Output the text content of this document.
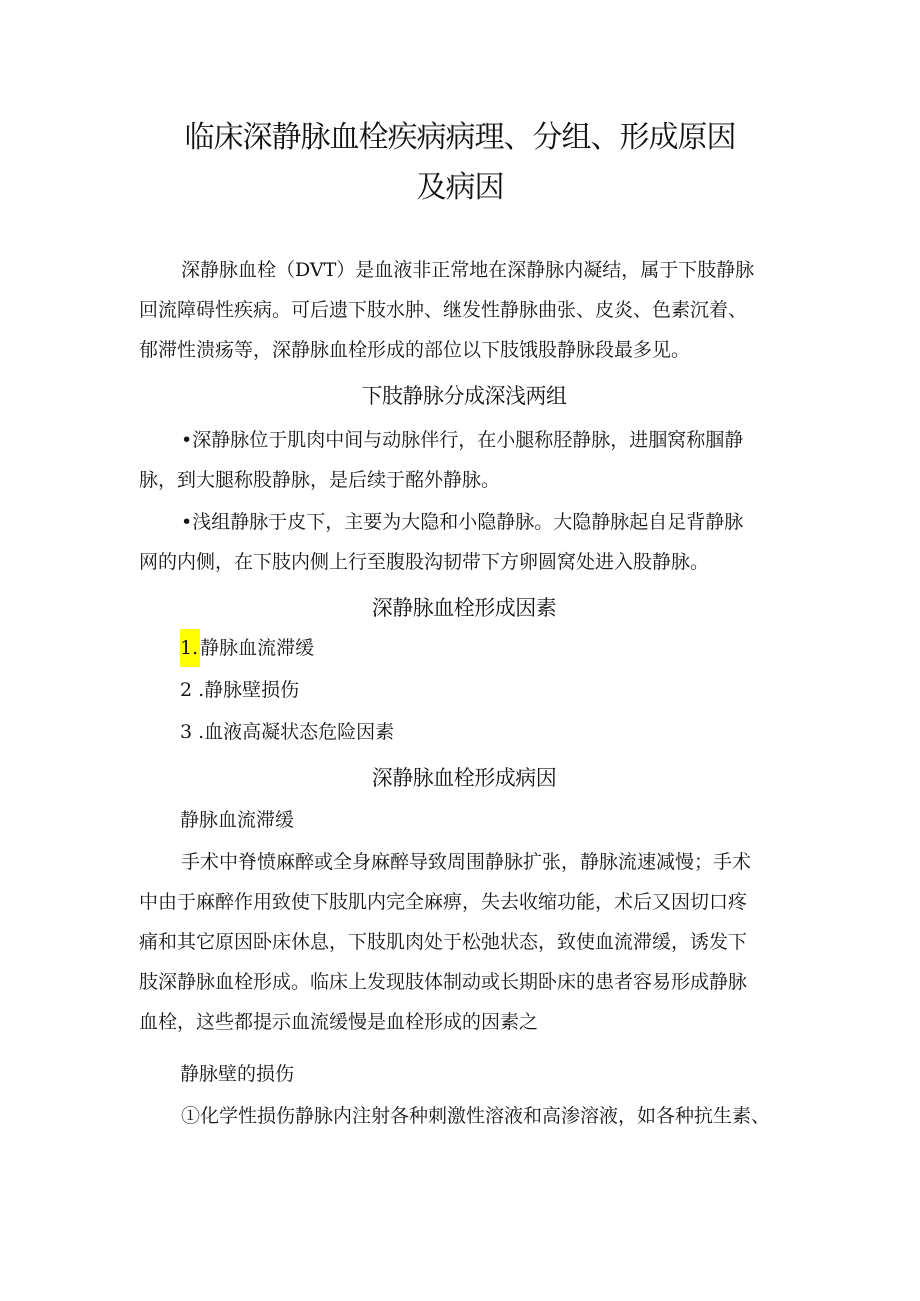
临床深静脉血栓疾病病理、分组、形成原因
及病因
深静脉血栓（DVT）是血液非正常地在深静脉内凝结，属于下肢静脉
回流障碍性疾病。可后遗下肢水肿、继发性静脉曲张、皮炎、色素沉着、
郁滞性溃疡等，深静脉血栓形成的部位以下肢饿股静脉段最多见。
下肢静脉分成深浅两组
•深静脉位于肌肉中间与动脉伴行，在小腿称胫静脉，进腘窝称腘静
脉，到大腿称股静脉，是后续于酩外静脉。
•浅组静脉于皮下，主要为大隐和小隐静脉。大隐静脉起自足背静脉
网的内侧，在下肢内侧上行至腹股沟韧带下方卵圆窝处进入股静脉。
深静脉血栓形成因素
1. 静脉血流滞缓
2 .静脉壁损伤
3 .血液高凝状态危险因素
深静脉血栓形成病因
静脉血流滞缓
手术中脊愤麻醉或全身麻醉导致周围静脉扩张，静脉流速减慢；手术
中由于麻醉作用致使下肢肌内完全麻痹，失去收缩功能，术后又因切口疼
痛和其它原因卧床休息，下肢肌肉处于松弛状态，致使血流滞缓，诱发下
肢深静脉血栓形成。临床上发现肢体制动或长期卧床的患者容易形成静脉
血栓，这些都提示血流缓慢是血栓形成的因素之
静脉壁的损伤
①化学性损伤静脉内注射各种刺激性溶液和高渗溶液，如各种抗生素、
